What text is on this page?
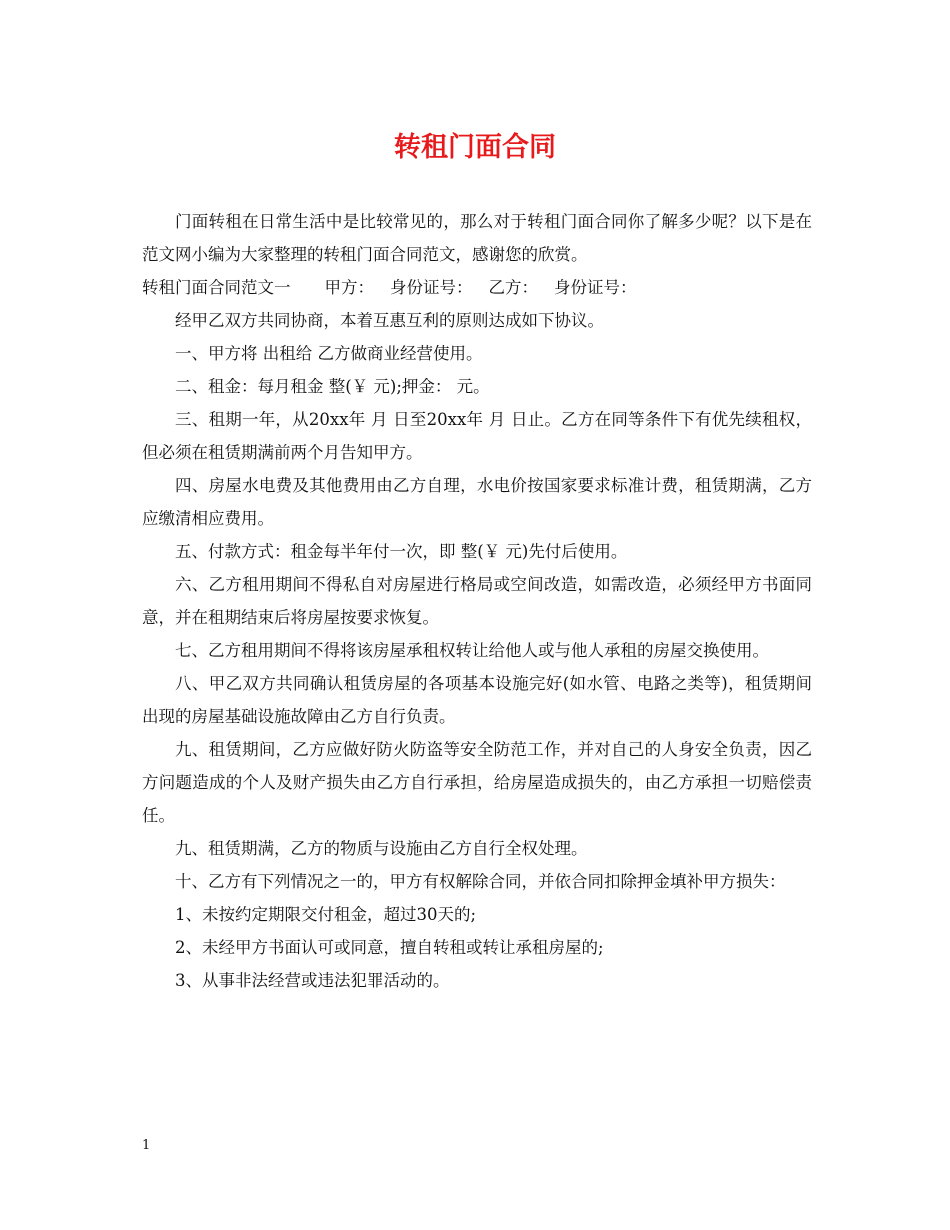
转租门面合同

门面转租在日常生活中是比较常见的，那么对于转租门面合同你了解多少呢？以下是在范文网小编为大家整理的转租门面合同范文，感谢您的欣赏。

转租门面合同范文一 甲方： 身份证号： 乙方： 身份证号：

经甲乙双方共同协商，本着互惠互利的原则达成如下协议。

一、甲方将 出租给 乙方做商业经营使用。

二、租金：每月租金 整(￥ 元);押金： 元。

三、租期一年，从20xx年 月 日至20xx年 月 日止。乙方在同等条件下有优先续租权，但必须在租赁期满前两个月告知甲方。

四、房屋水电费及其他费用由乙方自理，水电价按国家要求标准计费，租赁期满，乙方应缴清相应费用。

五、付款方式：租金每半年付一次，即 整(￥ 元)先付后使用。

六、乙方租用期间不得私自对房屋进行格局或空间改造，如需改造，必须经甲方书面同意，并在租期结束后将房屋按要求恢复。

七、乙方租用期间不得将该房屋承租权转让给他人或与他人承租的房屋交换使用。

八、甲乙双方共同确认租赁房屋的各项基本设施完好(如水管、电路之类等)，租赁期间出现的房屋基础设施故障由乙方自行负责。

九、租赁期间，乙方应做好防火防盗等安全防范工作，并对自己的人身安全负责，因乙方问题造成的个人及财产损失由乙方自行承担，给房屋造成损失的，由乙方承担一切赔偿责任。

九、租赁期满，乙方的物质与设施由乙方自行全权处理。

十、乙方有下列情况之一的，甲方有权解除合同，并依合同扣除押金填补甲方损失：

1、未按约定期限交付租金，超过30天的;

2、未经甲方书面认可或同意，擅自转租或转让承租房屋的;

3、从事非法经营或违法犯罪活动的。

1
